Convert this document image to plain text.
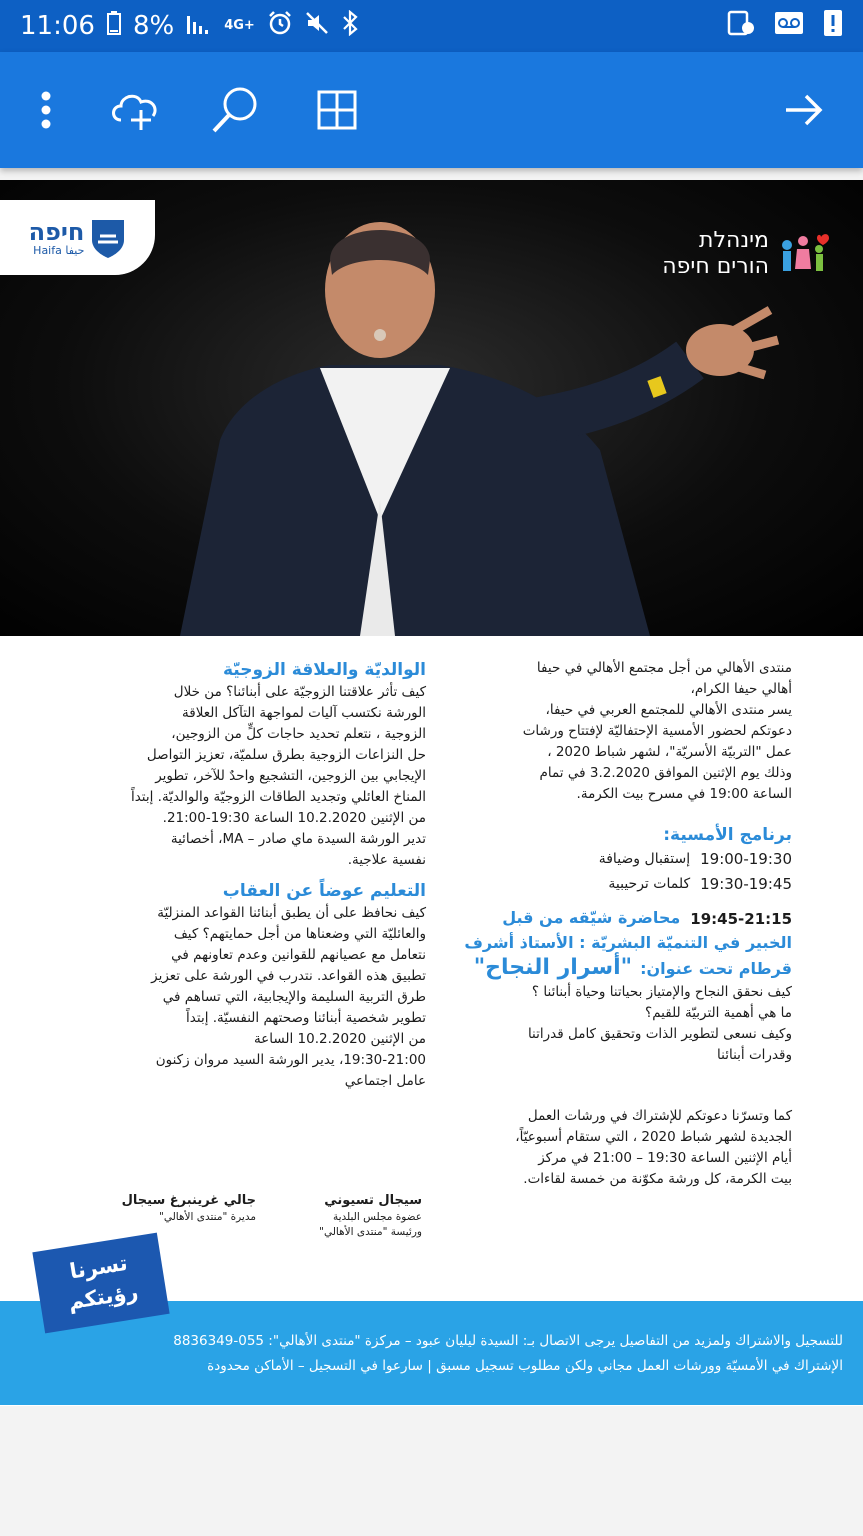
11:06 8%	4G+
חיפה
Haifa حيفا	מינהלת
הורים חיפה
منتدى الأهالي من أجل مجتمع الأهالي في حيفا
أهالي حيفا الكرام،
يسر منتدى الأهالي للمجتمع العربي في حيفا،
دعوتكم لحضور الأمسية الإحتفاليّة لإفتتاح ورشات
عمل "التربيّة الأسريّة"، لشهر شباط 2020 ،
وذلك يوم الإثنين الموافق 3.2.2020 في تمام
الساعة 19:00 في مسرح بيت الكرمة.
برنامج الأمسية:
19:00-19:30
إستقبال وضيافة
19:30-19:45
كلمات ترحيبية
19:45-21:15
محاضرة شيّقه من قبل
الخبير في التنميّة البشريّة : الأستاذ أشرف
قرطام تحت عنوان:
"أسرار النجاح"
كيف نحقق النجاح والإمتياز بحياتنا وحياة أبنائنا ؟
ما هي أهمية التربيّة للقيم؟
وكيف نسعى لتطوير الذات وتحقيق كامل قدراتنا
وقدرات أبنائنا
كما وتسرّنا دعوتكم للإشتراك في ورشات العمل
الجديدة لشهر شباط 2020 ، التي ستقام أسبوعيّاً،
أيام الإثنين الساعة 19:30 – 21:00 في مركز
بيت الكرمة، كل ورشة مكوّنة من خمسة لقاءات.
الوالديّة والعلاقة الزوجيّة
كيف تأثر علاقتنا الزوجيّة على أبنائنا؟ من خلال
الورشة نكتسب آليات لمواجهة التآكل العلاقة
الزوجية ، نتعلم تحديد حاجات كلٍّ من الزوجين،
حل النزاعات الزوجية بطرق سلميّة، تعزيز التواصل
الإيجابي بين الزوجين، التشجيع واحدٌ للآخر، تطوير
المناخ العائلي وتجديد الطاقات الزوجيّة والوالديّة. إبتداً
من الإثنين 10.2.2020 الساعة 19:30-21:00.
تدير الورشة السيدة ماي صادر – MA، أخصائية
نفسية علاجية.
التعليم عوضاً عن العقاب
كيف نحافظ على أن يطبق أبنائنا القواعد المنزليّة
والعائليّة التي وضعناها من أجل حمايتهم؟ كيف
نتعامل مع عصيانهم للقوانين وعدم تعاونهم في
تطبيق هذه القواعد. نتدرب في الورشة على تعزيز
طرق التربية السليمة والإيجابية، التي تساهم في
تطوير شخصية أبنائنا وصحتهم النفسيّة. إبتداً
من الإثنين 10.2.2020 الساعة
19:30-21:00، يدير الورشة السيد مروان زكنون
عامل اجتماعي
سيجال تسيوني
عضوة مجلس البلدية
ورئيسة "منتدى الأهالي"
جالي غرينبرغ سيجال
مديرة "منتدى الأهالي"
للتسجيل والاشتراك ولمزيد من التفاصيل يرجى الاتصال بـ: السيدة ليليان عبود – مركزة "منتدى الأهالي": 055-8836349
الإشتراك في الأمسيّة وورشات العمل مجاني ولكن مطلوب تسجيل مسبق | سارعوا في التسجيل – الأماكن محدودة
تسرنا
رؤيتكم
